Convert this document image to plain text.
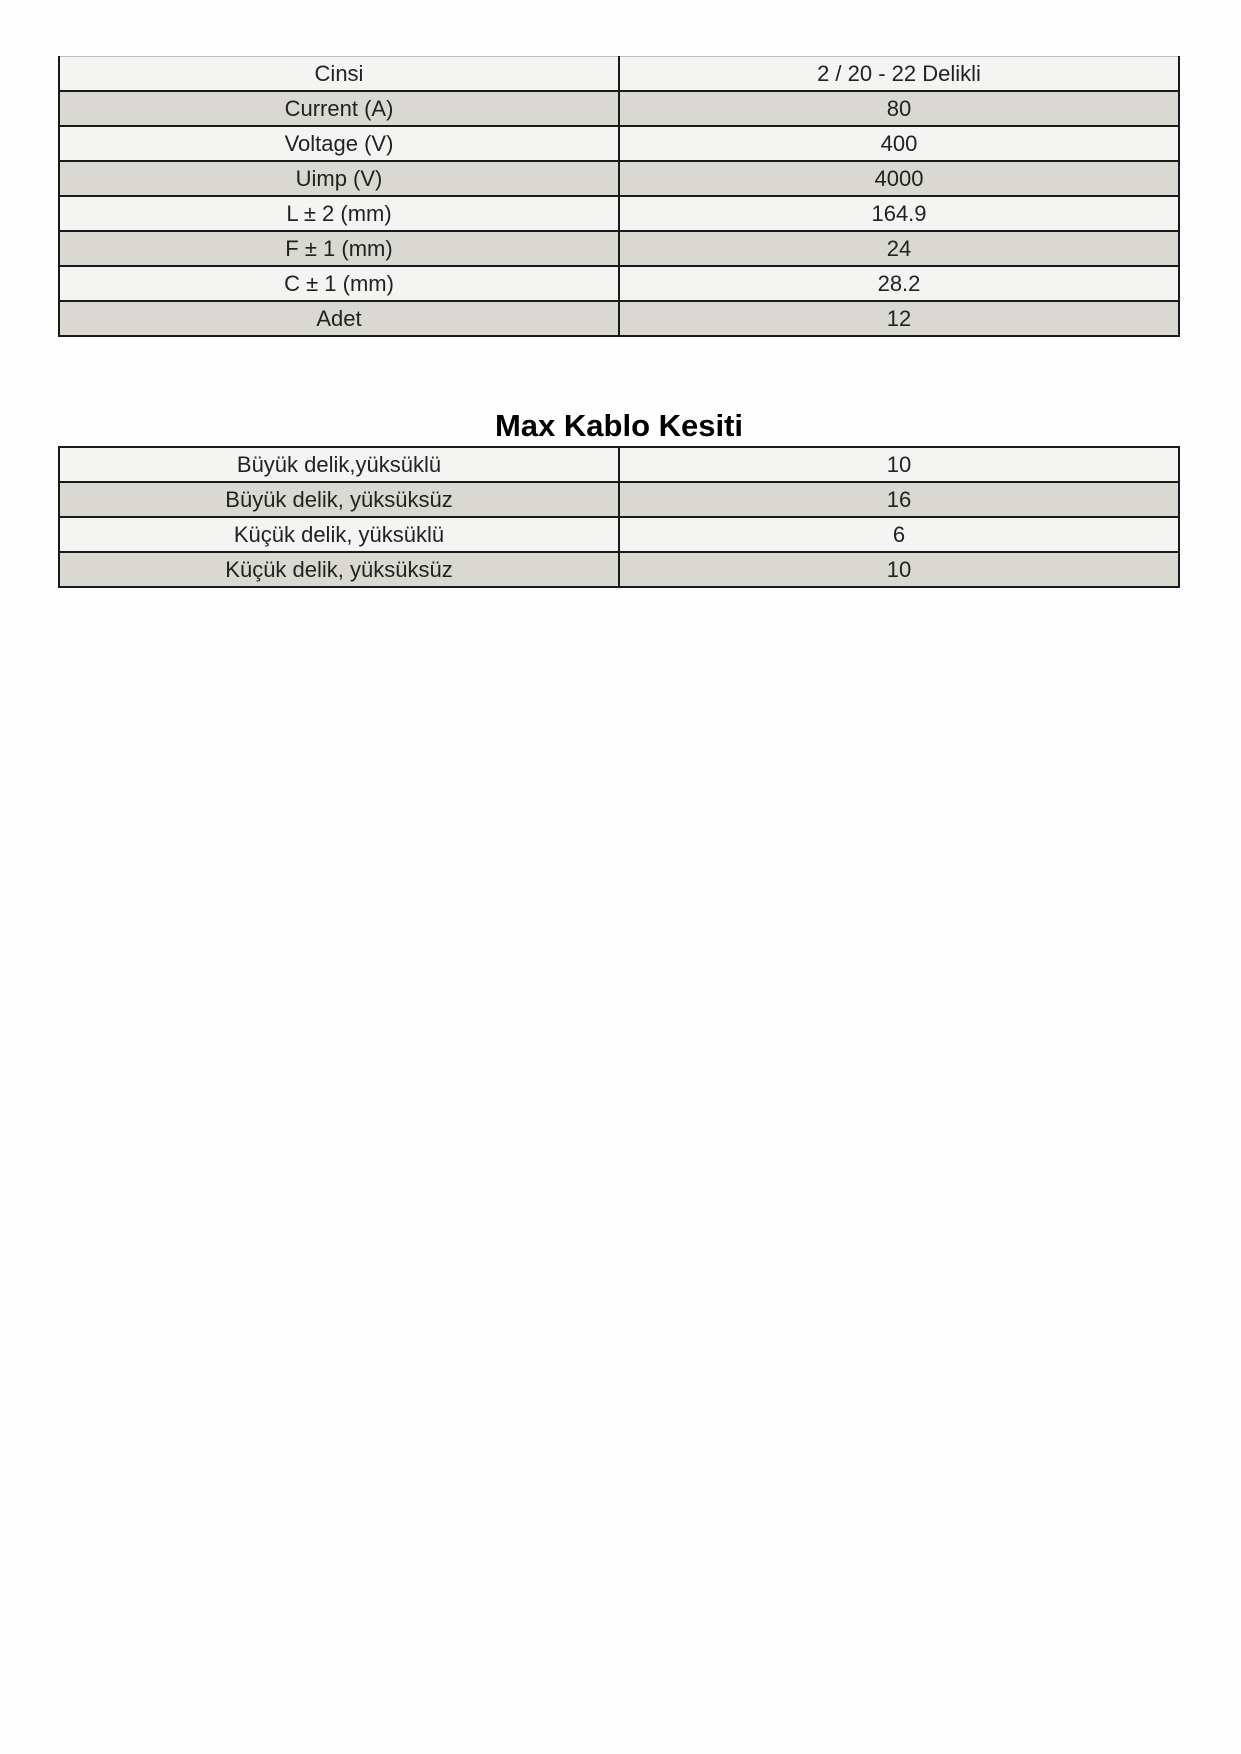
Cinsi	2 / 20 - 22 Delikli
Current (A)	80
Voltage (V)	400
Uimp (V)	4000
L ± 2 (mm)	164.9
F ± 1 (mm)	24
C ± 1 (mm)	28.2
Adet	12
Max Kablo Kesiti
Büyük delik,yüksüklü	10
Büyük delik, yüksüksüz	16
Küçük delik, yüksüklü	6
Küçük delik, yüksüksüz	10
